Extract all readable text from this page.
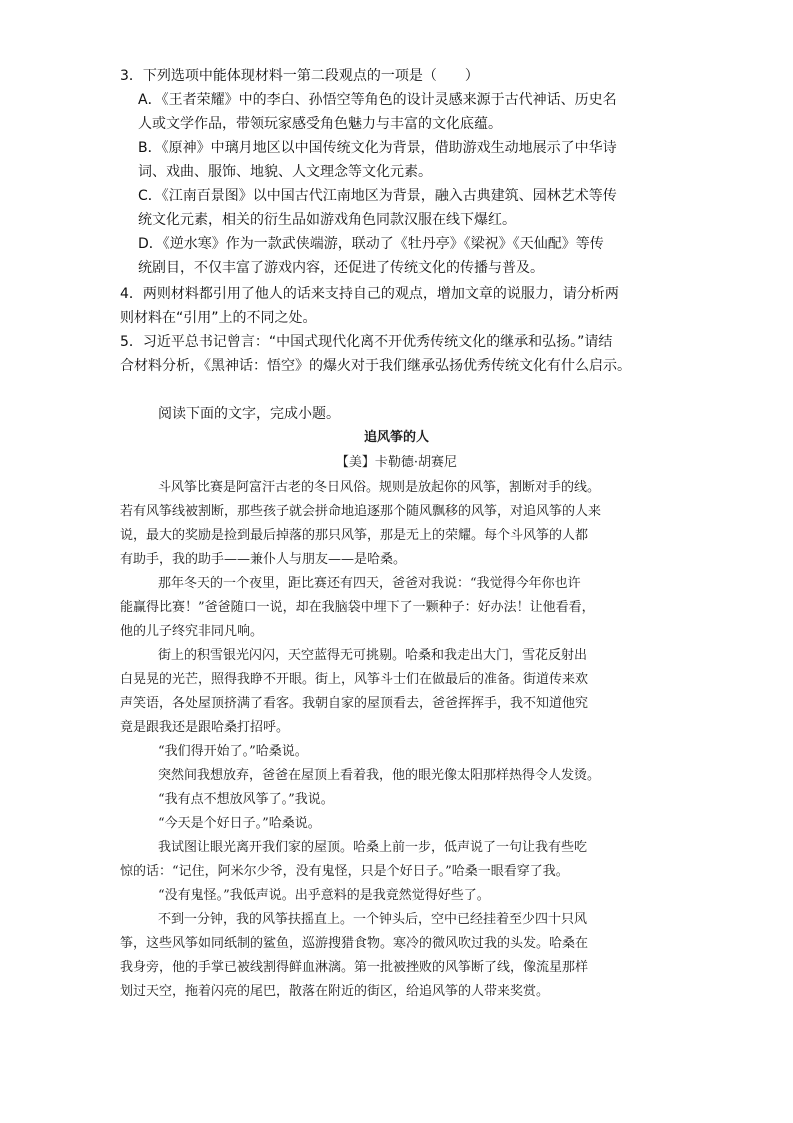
3．下列选项中能体现材料一第二段观点的一项是（　　）
A．《王者荣耀》中的李白、孙悟空等角色的设计灵感来源于古代神话、历史名
人或文学作品，带领玩家感受角色魅力与丰富的文化底蕴。
B．《原神》中璃月地区以中国传统文化为背景，借助游戏生动地展示了中华诗
词、戏曲、服饰、地貌、人文理念等文化元素。
C．《江南百景图》以中国古代江南地区为背景，融入古典建筑、园林艺术等传
统文化元素，相关的衍生品如游戏角色同款汉服在线下爆红。
D．《逆水寒》作为一款武侠端游，联动了《牡丹亭》《梁祝》《天仙配》等传
统剧目，不仅丰富了游戏内容，还促进了传统文化的传播与普及。
4．两则材料都引用了他人的话来支持自己的观点，增加文章的说服力，请分析两
则材料在“引用”上的不同之处。
5．习近平总书记曾言：“中国式现代化离不开优秀传统文化的继承和弘扬。”请结
合材料分析，《黑神话：悟空》的爆火对于我们继承弘扬优秀传统文化有什么启示。
阅读下面的文字，完成小题。
追风筝的人
【美】卡勒德·胡赛尼
斗风筝比赛是阿富汗古老的冬日风俗。规则是放起你的风筝，割断对手的线。
若有风筝线被割断，那些孩子就会拼命地追逐那个随风飘移的风筝，对追风筝的人来
说，最大的奖励是捡到最后掉落的那只风筝，那是无上的荣耀。每个斗风筝的人都
有助手，我的助手——兼仆人与朋友——是哈桑。
那年冬天的一个夜里，距比赛还有四天，爸爸对我说：“我觉得今年你也许
能赢得比赛！”爸爸随口一说，却在我脑袋中埋下了一颗种子：好办法！让他看看，
他的儿子终究非同凡响。
街上的积雪银光闪闪，天空蓝得无可挑剔。哈桑和我走出大门，雪花反射出
白晃晃的光芒，照得我睁不开眼。街上，风筝斗士们在做最后的准备。街道传来欢
声笑语，各处屋顶挤满了看客。我朝自家的屋顶看去，爸爸挥挥手，我不知道他究
竟是跟我还是跟哈桑打招呼。
“我们得开始了。”哈桑说。
突然间我想放弃，爸爸在屋顶上看着我，他的眼光像太阳那样热得令人发烫。
“我有点不想放风筝了。”我说。
“今天是个好日子。”哈桑说。
我试图让眼光离开我们家的屋顶。哈桑上前一步，低声说了一句让我有些吃
惊的话：“记住，阿米尔少爷，没有鬼怪，只是个好日子。”哈桑一眼看穿了我。
“没有鬼怪。”我低声说。出乎意料的是我竟然觉得好些了。
不到一分钟，我的风筝扶摇直上。一个钟头后，空中已经挂着至少四十只风
筝，这些风筝如同纸制的鲨鱼，巡游搜猎食物。寒冷的微风吹过我的头发。哈桑在
我身旁，他的手掌已被线割得鲜血淋漓。第一批被挫败的风筝断了线，像流星那样
划过天空，拖着闪亮的尾巴，散落在附近的街区，给追风筝的人带来奖赏。
